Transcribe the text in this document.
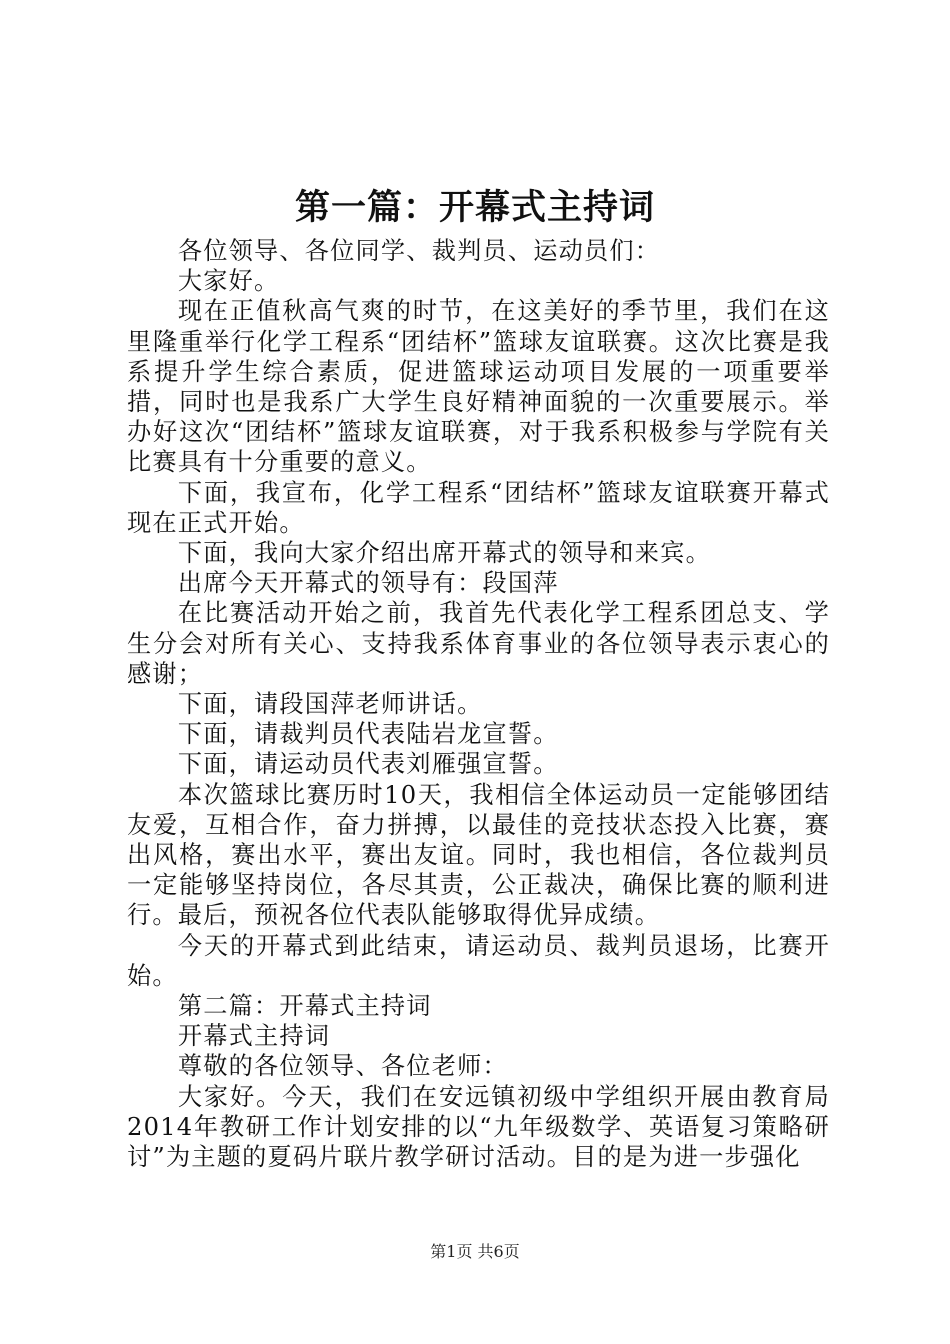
第一篇：开幕式主持词

各位领导、各位同学、裁判员、运动员们：

大家好。

现在正值秋高气爽的时节，在这美好的季节里，我们在这里隆重举行化学工程系“团结杯”篮球友谊联赛。这次比赛是我系提升学生综合素质，促进篮球运动项目发展的一项重要举措，同时也是我系广大学生良好精神面貌的一次重要展示。举办好这次“团结杯”篮球友谊联赛，对于我系积极参与学院有关比赛具有十分重要的意义。

下面，我宣布，化学工程系“团结杯”篮球友谊联赛开幕式现在正式开始。

下面，我向大家介绍出席开幕式的领导和来宾。

出席今天开幕式的领导有：段国萍

在比赛活动开始之前，我首先代表化学工程系团总支、学生分会对所有关心、支持我系体育事业的各位领导表示衷心的感谢；

下面，请段国萍老师讲话。

下面，请裁判员代表陆岩龙宣誓。

下面，请运动员代表刘雁强宣誓。

本次篮球比赛历时10天，我相信全体运动员一定能够团结友爱，互相合作，奋力拼搏，以最佳的竞技状态投入比赛，赛出风格，赛出水平，赛出友谊。同时，我也相信，各位裁判员一定能够坚持岗位，各尽其责，公正裁决，确保比赛的顺利进行。最后，预祝各位代表队能够取得优异成绩。

今天的开幕式到此结束，请运动员、裁判员退场，比赛开始。

第二篇：开幕式主持词

开幕式主持词

尊敬的各位领导、各位老师：

大家好。今天，我们在安远镇初级中学组织开展由教育局2014年教研工作计划安排的以“九年级数学、英语复习策略研讨”为主题的夏码片联片教学研讨活动。目的是为进一步强化

第1页 共6页
